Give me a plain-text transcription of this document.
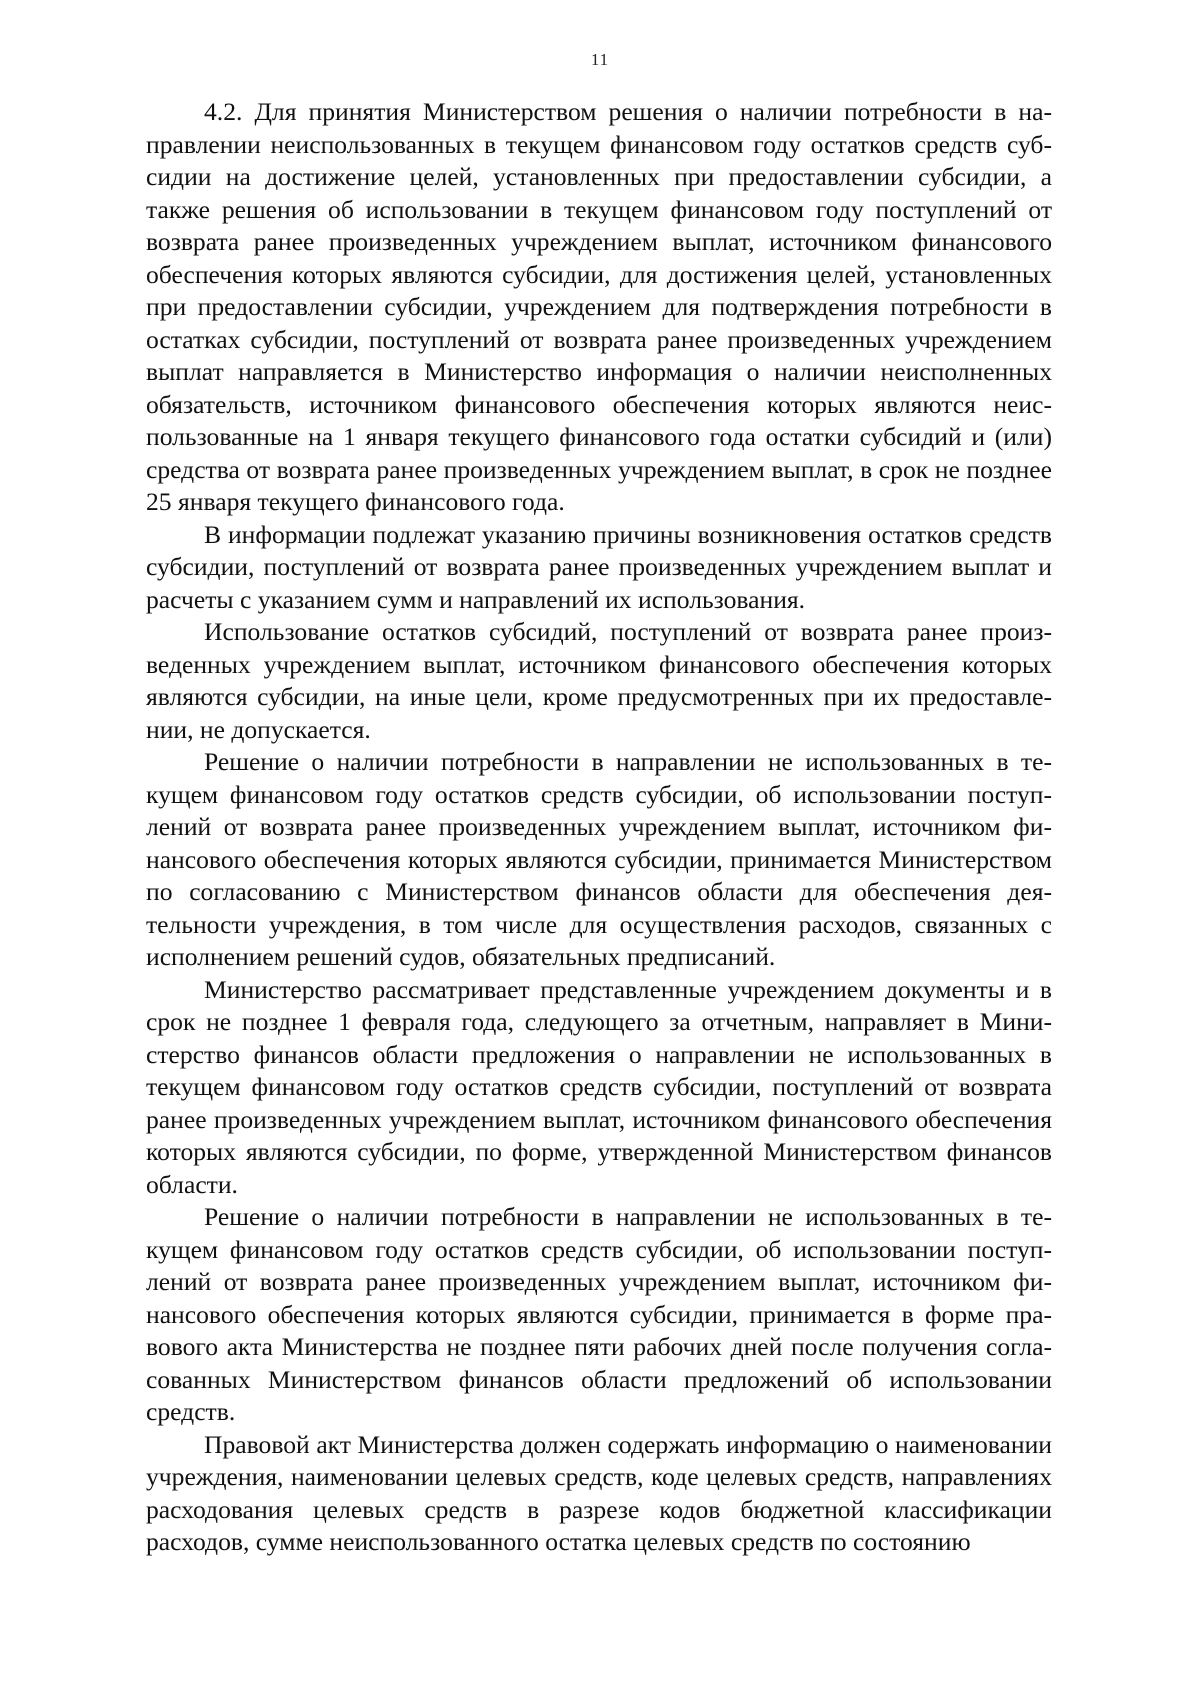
11

4.2. Для принятия Министерством решения о наличии потребности в направлении неиспользованных в текущем финансовом году остатков средств субсидии на достижение целей, установленных при предоставлении субсидии, а также решения об использовании в текущем финансовом году поступлений от возврата ранее произведенных учреждением выплат, источником финансового обеспечения которых являются субсидии, для достижения целей, установленных при предоставлении субсидии, учреждением для подтверждения потребности в остатках субсидии, поступлений от возврата ранее произведенных учреждением выплат направляется в Министерство информация о наличии неисполненных обязательств, источником финансового обеспечения которых являются неиспользованные на 1 января текущего финансового года остатки субсидий и (или) средства от возврата ранее произведенных учреждением выплат, в срок не позднее 25 января текущего финансового года.

В информации подлежат указанию причины возникновения остатков средств субсидии, поступлений от возврата ранее произведенных учреждением выплат и расчеты с указанием сумм и направлений их использования.

Использование остатков субсидий, поступлений от возврата ранее произведенных учреждением выплат, источником финансового обеспечения которых являются субсидии, на иные цели, кроме предусмотренных при их предоставлении, не допускается.

Решение о наличии потребности в направлении не использованных в текущем финансовом году остатков средств субсидии, об использовании поступлений от возврата ранее произведенных учреждением выплат, источником финансового обеспечения которых являются субсидии, принимается Министерством по согласованию с Министерством финансов области для обеспечения деятельности учреждения, в том числе для осуществления расходов, связанных с исполнением решений судов, обязательных предписаний.

Министерство рассматривает представленные учреждением документы и в срок не позднее 1 февраля года, следующего за отчетным, направляет в Министерство финансов области предложения о направлении не использованных в текущем финансовом году остатков средств субсидии, поступлений от возврата ранее произведенных учреждением выплат, источником финансового обеспечения которых являются субсидии, по форме, утвержденной Министерством финансов области.

Решение о наличии потребности в направлении не использованных в текущем финансовом году остатков средств субсидии, об использовании поступлений от возврата ранее произведенных учреждением выплат, источником финансового обеспечения которых являются субсидии, принимается в форме правового акта Министерства не позднее пяти рабочих дней после получения согласованных Министерством финансов области предложений об использовании средств.

Правовой акт Министерства должен содержать информацию о наименовании учреждения, наименовании целевых средств, коде целевых средств, направлениях расходования целевых средств в разрезе кодов бюджетной классификации расходов, сумме неиспользованного остатка целевых средств по состоянию
